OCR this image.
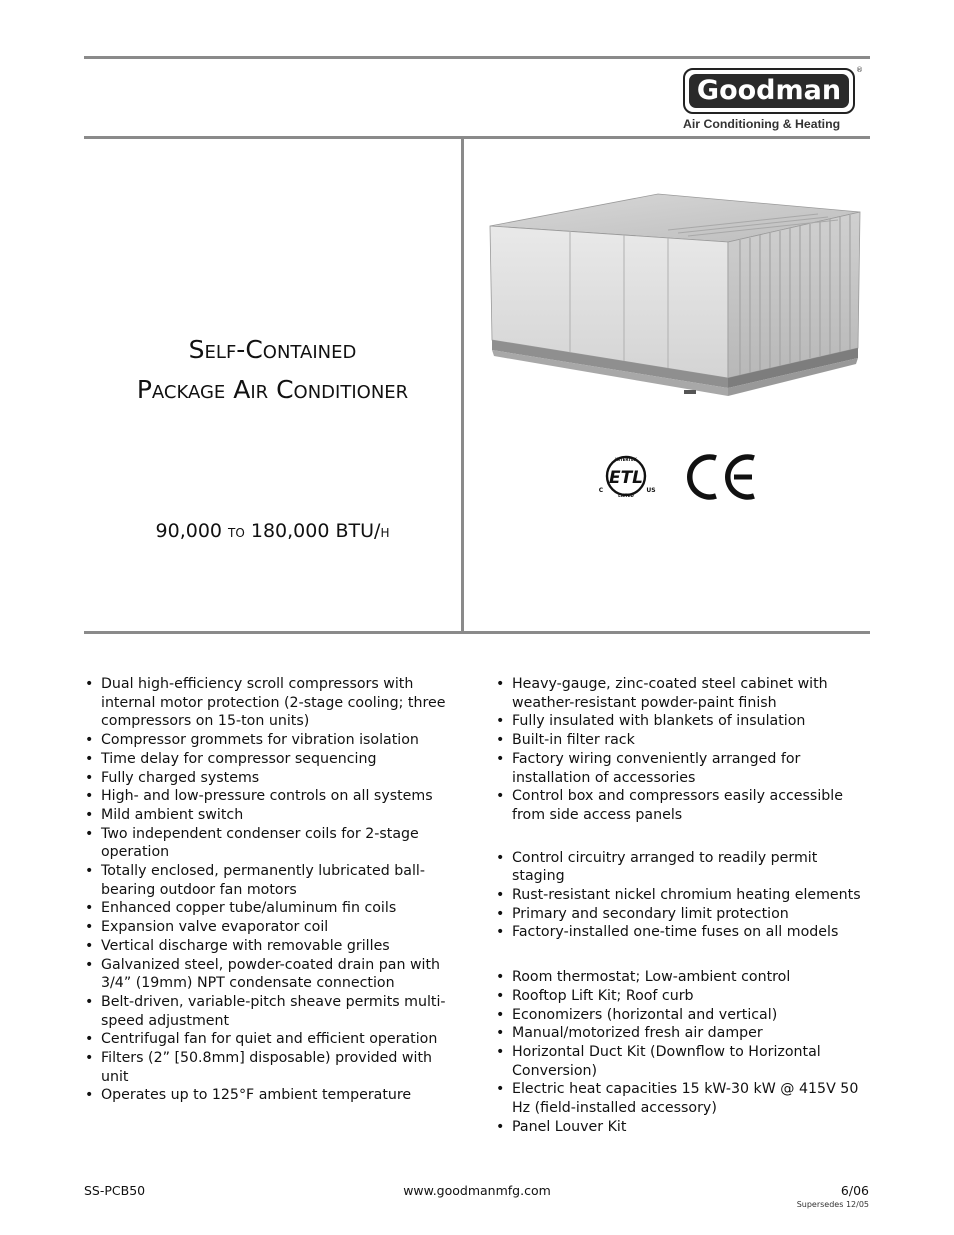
Goodman
®
Air Conditioning & Heating
Self-Contained
Package Air Conditioner
90,000 to 180,000 BTU/h
INTERTEK
ETL
LISTED
C	US
• Dual high-efficiency scroll compressors with internal motor protection (2-stage cooling; three compressors on 15-ton units)
• Compressor grommets for vibration isolation
• Time delay for compressor sequencing
• Fully charged systems
• High- and low-pressure controls on all systems
• Mild ambient switch
• Two independent condenser coils for 2-stage operation
• Totally enclosed, permanently lubricated ball-bearing outdoor fan motors
• Enhanced copper tube/aluminum fin coils
• Expansion valve evaporator coil
• Vertical discharge with removable grilles
• Galvanized steel, powder-coated drain pan with 3/4” (19mm) NPT condensate connection
• Belt-driven, variable-pitch sheave permits multi-speed adjustment
• Centrifugal fan for quiet and efficient operation
• Filters (2” [50.8mm] disposable) provided with unit
• Operates up to 125°F ambient temperature
• Heavy-gauge, zinc-coated steel cabinet with weather-resistant powder-paint finish
• Fully insulated with blankets of insulation
• Built-in filter rack
• Factory wiring conveniently arranged for installation of accessories
• Control box and compressors easily accessible from side access panels
• Control circuitry arranged to readily permit staging
• Rust-resistant nickel chromium heating elements
• Primary and secondary limit protection
• Factory-installed one-time fuses on all models
• Room thermostat; Low-ambient control
• Rooftop Lift Kit; Roof curb
• Economizers (horizontal and vertical)
• Manual/motorized fresh air damper
• Horizontal Duct Kit (Downflow to Horizontal Conversion)
• Electric heat capacities 15 kW-30 kW @ 415V 50 Hz (field-installed accessory)
• Panel Louver Kit
SS-PCB50	www.goodmanmfg.com	6/06
Supersedes 12/05
